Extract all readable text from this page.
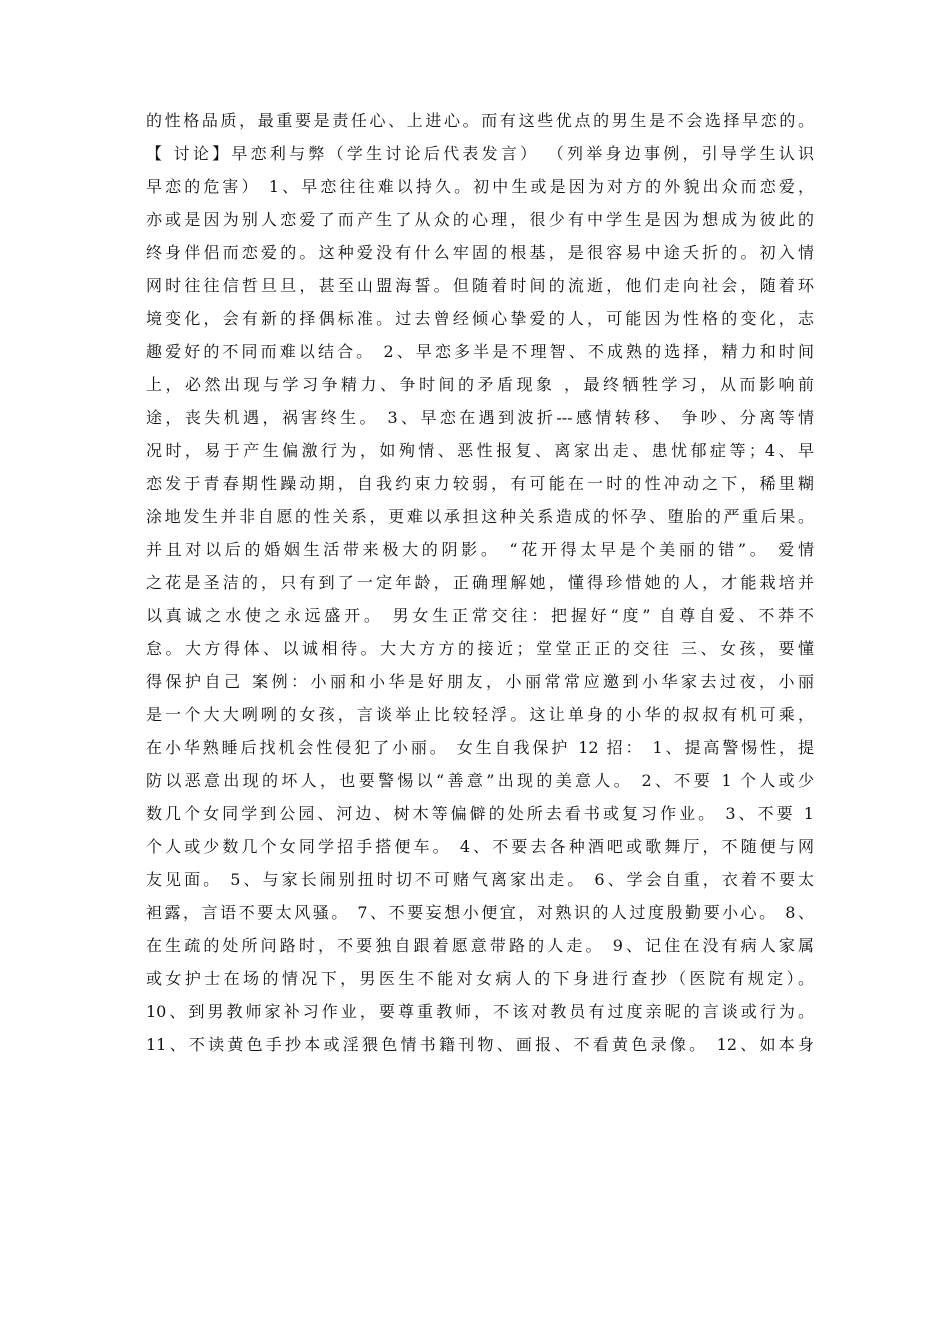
的性格品质，最重要是责任心、上进心。而有这些优点的男生是不会选择早恋的。
【 讨论】早恋利与弊（学生讨论后代表发言） （列举身边事例，引导学生认识
早恋的危害） 1、早恋往往难以持久。初中生或是因为对方的外貌出众而恋爱，
亦或是因为别人恋爱了而产生了从众的心理，很少有中学生是因为想成为彼此的
终身伴侣而恋爱的。这种爱没有什么牢固的根基，是很容易中途夭折的。初入情
网时往往信哲旦旦，甚至山盟海誓。但随着时间的流逝，他们走向社会，随着环
境变化，会有新的择偶标准。过去曾经倾心挚爱的人，可能因为性格的变化，志
趣爱好的不同而难以结合。 2、早恋多半是不理智、不成熟的选择，精力和时间
上，必然出现与学习争精力、争时间的矛盾现象 ，最终牺牲学习，从而影响前
途，丧失机遇，祸害终生。 3、早恋在遇到波折---感情转移、 争吵、分离等情
况时，易于产生偏激行为，如殉情、恶性报复、离家出走、患忧郁症等；4、早
恋发于青春期性躁动期，自我约束力较弱，有可能在一时的性冲动之下，稀里糊
涂地发生并非自愿的性关系，更难以承担这种关系造成的怀孕、堕胎的严重后果。
并且对以后的婚姻生活带来极大的阴影。 “花开得太早是个美丽的错”。 爱情
之花是圣洁的，只有到了一定年龄，正确理解她，懂得珍惜她的人，才能栽培并
以真诚之水使之永远盛开。 男女生正常交往：把握好“度” 自尊自爱、不莽不
怠。大方得体、以诚相待。大大方方的接近；堂堂正正的交往 三、女孩，要懂
得保护自己 案例：小丽和小华是好朋友，小丽常常应邀到小华家去过夜，小丽
是一个大大咧咧的女孩，言谈举止比较轻浮。这让单身的小华的叔叔有机可乘，
在小华熟睡后找机会性侵犯了小丽。 女生自我保护 12 招： 1、提高警惕性，提
防以恶意出现的坏人，也要警惕以“善意”出现的美意人。 2、不要 1 个人或少
数几个女同学到公园、河边、树木等偏僻的处所去看书或复习作业。 3、不要 1
个人或少数几个女同学招手搭便车。 4、不要去各种酒吧或歌舞厅，不随便与网
友见面。 5、与家长闹别扭时切不可赌气离家出走。 6、学会自重，衣着不要太
袒露，言语不要太风骚。 7、不要妄想小便宜，对熟识的人过度殷勤要小心。 8、
在生疏的处所问路时，不要独自跟着愿意带路的人走。 9、记住在没有病人家属
或女护士在场的情况下，男医生不能对女病人的下身进行查抄（医院有规定）。
10、到男教师家补习作业，要尊重教师，不该对教员有过度亲昵的言谈或行为。
11、不读黄色手抄本或淫猥色情书籍刊物、画报、不看黄色录像。 12、如本身
